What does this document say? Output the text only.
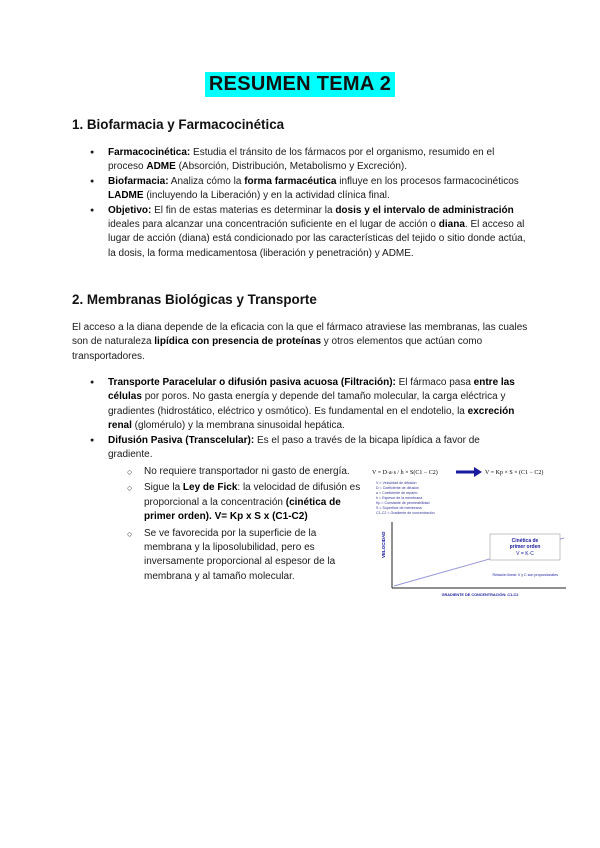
RESUMEN TEMA 2
1. Biofarmacia y Farmacocinética
● Farmacocinética: Estudia el tránsito de los fármacos por el organismo, resumido en el proceso ADME (Absorción, Distribución, Metabolismo y Excreción).
● Biofarmacia: Analiza cómo la forma farmacéutica influye en los procesos farmacocinéticos LADME (incluyendo la Liberación) y en la actividad clínica final.
● Objetivo: El fin de estas materias es determinar la dosis y el intervalo de administración ideales para alcanzar una concentración suficiente en el lugar de acción o diana. El acceso al lugar de acción (diana) está condicionado por las características del tejido o sitio donde actúa, la dosis, la forma medicamentosa (liberación y penetración) y ADME.
2. Membranas Biológicas y Transporte

El acceso a la diana depende de la eficacia con la que el fármaco atraviese las membranas, las cuales son de naturaleza lipídica con presencia de proteínas y otros elementos que actúan como transportadores.

● Transporte Paracelular o difusión pasiva acuosa (Filtración): El fármaco pasa entre las células por poros. No gasta energía y depende del tamaño molecular, la carga eléctrica y gradientes (hidrostático, eléctrico y osmótico). Es fundamental en el endotelio, la excreción renal (glomérulo) y la membrana sinusoidal hepática.
● Difusión Pasiva (Transcelular): Es el paso a través de la bicapa lipídica a favor de gradiente.
○ No requiere transportador ni gasto de energía.
○ Sigue la Ley de Fick: la velocidad de difusión es proporcional a la concentración (cinética de primer orden). V= Kp x S x (C1-C2)
○ Se ve favorecida por la superficie de la membrana y la liposolubilidad, pero es inversamente proporcional al espesor de la membrana y al tamaño molecular.
V = D·a·s / h × S(C1 − C2)	V = Kp × S × (C1 − C2)
V = Velocidad de difusión
D = Coeficiente de difusión
a = Coeficiente de reparto
h = Espesor de la membrana
Kp = Constante de permeabilidad
S = Superficie de membrana
C1-C2 = Gradiente de concentración
VELOCIDAD	Cinética de
primer orden
V = K·C
Relación lineal: V y C son proporcionales
GRADIENTE DE CONCENTRACIÓN: C1-C2
